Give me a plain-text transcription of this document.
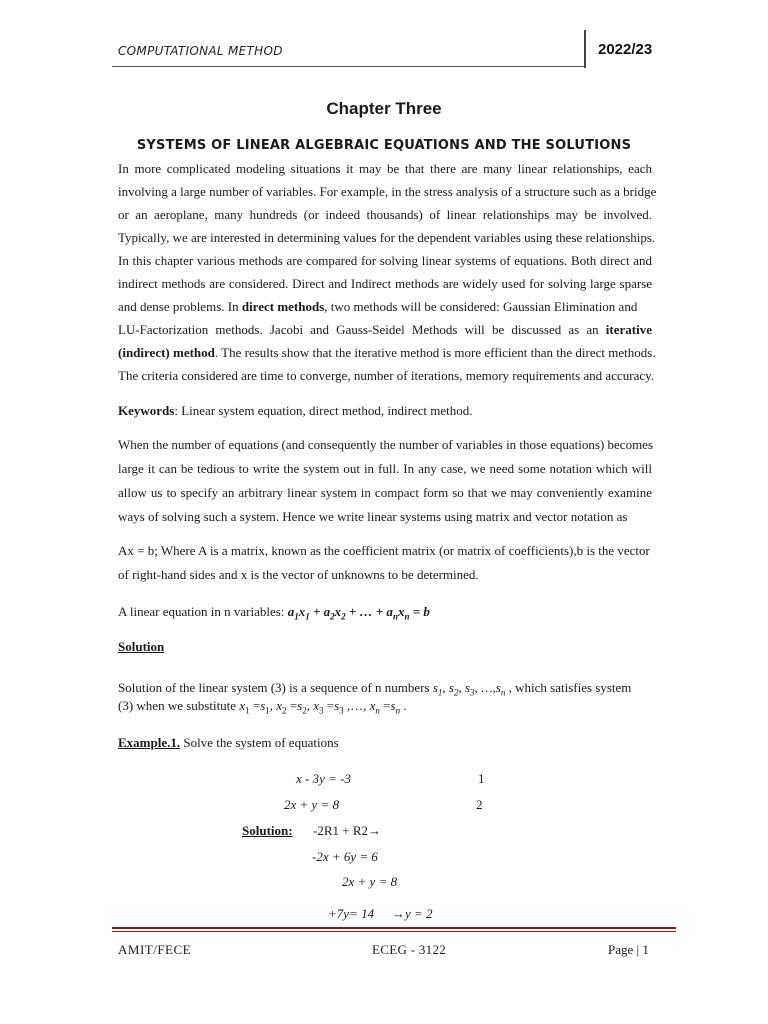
COMPUTATIONAL METHOD	2022/23
Chapter Three
SYSTEMS OF LINEAR ALGEBRAIC EQUATIONS AND THE SOLUTIONS
In more complicated modeling situations it may be that there are many linear relationships, each
involving a large number of variables. For example, in the stress analysis of a structure such as a bridge
or an aeroplane, many hundreds (or indeed thousands) of linear relationships may be involved.
Typically, we are interested in determining values for the dependent variables using these relationships.
In this chapter various methods are compared for solving linear systems of equations. Both direct and
indirect methods are considered. Direct and Indirect methods are widely used for solving large sparse
and dense problems. In direct methods, two methods will be considered: Gaussian Elimination and
LU-Factorization methods. Jacobi and Gauss-Seidel Methods will be discussed as an iterative
(indirect) method. The results show that the iterative method is more efficient than the direct methods.
The criteria considered are time to converge, number of iterations, memory requirements and accuracy.
Keywords: Linear system equation, direct method, indirect method.
When the number of equations (and consequently the number of variables in those equations) becomes
large it can be tedious to write the system out in full. In any case, we need some notation which will
allow us to specify an arbitrary linear system in compact form so that we may conveniently examine
ways of solving such a system. Hence we write linear systems using matrix and vector notation as
Ax = b; Where A is a matrix, known as the coefficient matrix (or matrix of coefficients),b is the vector
of right-hand sides and x is the vector of unknowns to be determined.
A linear equation in n variables: $a_1x_1 + a_2x_2$ + … + $a_nx_n = b$
Solution
Solution of the linear system (3) is a sequence of n numbers $s_1$, $s_2$, $s_3$, $\dots,s_n$ , which satisfies system
(3) when we substitute $x_1 =s_1$, $x_2 =s_2$, $x_3 =s_3$ ,…, $x_n =s_n$ .
Example.1. Solve the system of equations
x - 3y = -3	1
2x + y = 8	2
Solution: -2R1 + R2→
-2x + 6y = 6
2x + y = 8
+7y= 14 →y = 2
AMIT/FECE	ECEG - 3122	Page | 1
